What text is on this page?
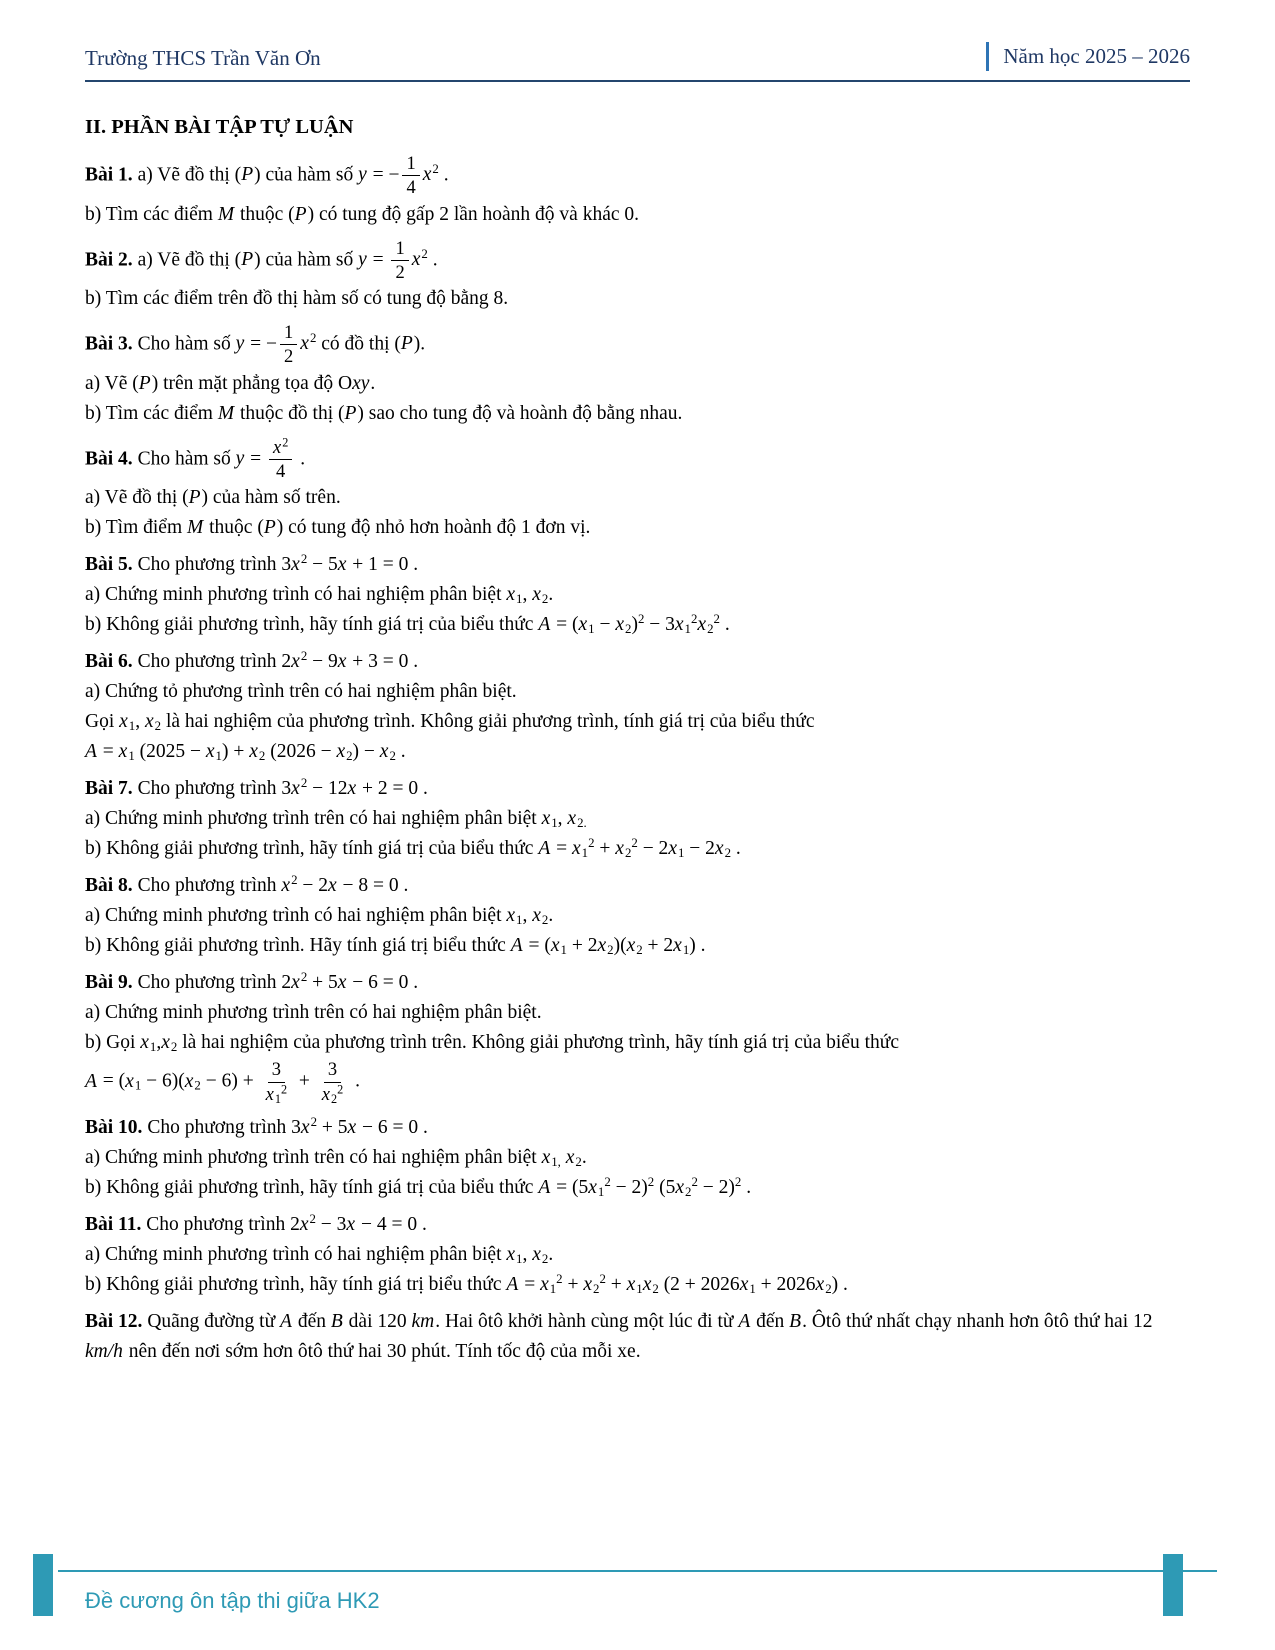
Trường THCS Trần Văn Ơn	Năm học 2025 – 2026
II. PHẦN BÀI TẬP TỰ LUẬN
Bài 1. a) Vẽ đồ thị (P) của hàm số y = − $\frac{1}{4} x^2$ .
b) Tìm các điểm M thuộc (P) có tung độ gấp 2 lần hoành độ và khác 0.
Bài 2. a) Vẽ đồ thị (P) của hàm số $y = \frac{1}{2} x^2$ .
b) Tìm các điểm trên đồ thị hàm số có tung độ bằng 8.
Bài 3. Cho hàm số y = − $\frac{1}{2} x^2$ có đồ thị (P).
a) Vẽ (P) trên mặt phẳng tọa độ Oxy.
b) Tìm các điểm M thuộc đồ thị (P) sao cho tung độ và hoành độ bằng nhau.
Bài 4. Cho hàm số $y = \frac{x^2}{4}$ .
a) Vẽ đồ thị (P) của hàm số trên.
b) Tìm điểm M thuộc (P) có tung độ nhỏ hơn hoành độ 1 đơn vị.
Bài 5. Cho phương trình $3x^2 - 5x + 1 = 0$ .
a) Chứng minh phương trình có hai nghiệm phân biệt $x_1$, $x_2$.
b) Không giải phương trình, hãy tính giá trị của biểu thức $A = (x_1 - x_2)^2 - 3x_1^2x_2^2$ .
Bài 6. Cho phương trình $2x^2 - 9x + 3 = 0$ .
a) Chứng tỏ phương trình trên có hai nghiệm phân biệt.
Gọi $x_1$, $x_2$ là hai nghiệm của phương trình. Không giải phương trình, tính giá trị của biểu thức
$A = x_1$ $(2025 - x_1) + x_2$ $(2026 - x_2) - x_2$ .
Bài 7. Cho phương trình $3x^2 - 12x + 2 = 0$ .
a) Chứng minh phương trình trên có hai nghiệm phân biệt $x_1$, $x_{2.}$
b) Không giải phương trình, hãy tính giá trị của biểu thức $A = x_1^2 + x_2^2 - 2x_1 - 2x_2$ .
Bài 8. Cho phương trình $x^2 - 2x - 8 = 0$ .
a) Chứng minh phương trình có hai nghiệm phân biệt $x_1$, $x_2$.
b) Không giải phương trình. Hãy tính giá trị biểu thức $A = (x_1 + 2x_2)(x_2 + 2x_1)$ .
Bài 9. Cho phương trình $2x^2 + 5x - 6 = 0$ .
a) Chứng minh phương trình trên có hai nghiệm phân biệt.
b) Gọi $x_1,x_2$ là hai nghiệm của phương trình trên. Không giải phương trình, hãy tính giá trị của biểu thức
$A = (x_1 - 6)(x_2 - 6) + \frac{3}{x_1^2} + \frac{3}{x_2^2}$ .
Bài 10. Cho phương trình $3x^2 + 5x - 6 = 0$ .
a) Chứng minh phương trình trên có hai nghiệm phân biệt $x_{1,}$ $x_2$.
b) Không giải phương trình, hãy tính giá trị của biểu thức $A = (5x_1^2 - 2)^2$ $(5x_2^2 - 2)^2$ .
Bài 11. Cho phương trình $2x^2 - 3x - 4 = 0$ .
a) Chứng minh phương trình có hai nghiệm phân biệt $x_1$, $x_2$.
b) Không giải phương trình, hãy tính giá trị biểu thức $A = x_1^2 + x_2^2 + x_1x_2$ $(2 + 2026x_1 + 2026x_2)$ .
Bài 12. Quãng đường từ A đến B dài 120 km. Hai ôtô khởi hành cùng một lúc đi từ A đến B. Ôtô thứ nhất chạy nhanh hơn ôtô thứ hai 12 km/h nên đến nơi sớm hơn ôtô thứ hai 30 phút. Tính tốc độ của mỗi xe.
Đề cương ôn tập thi giữa HK2
